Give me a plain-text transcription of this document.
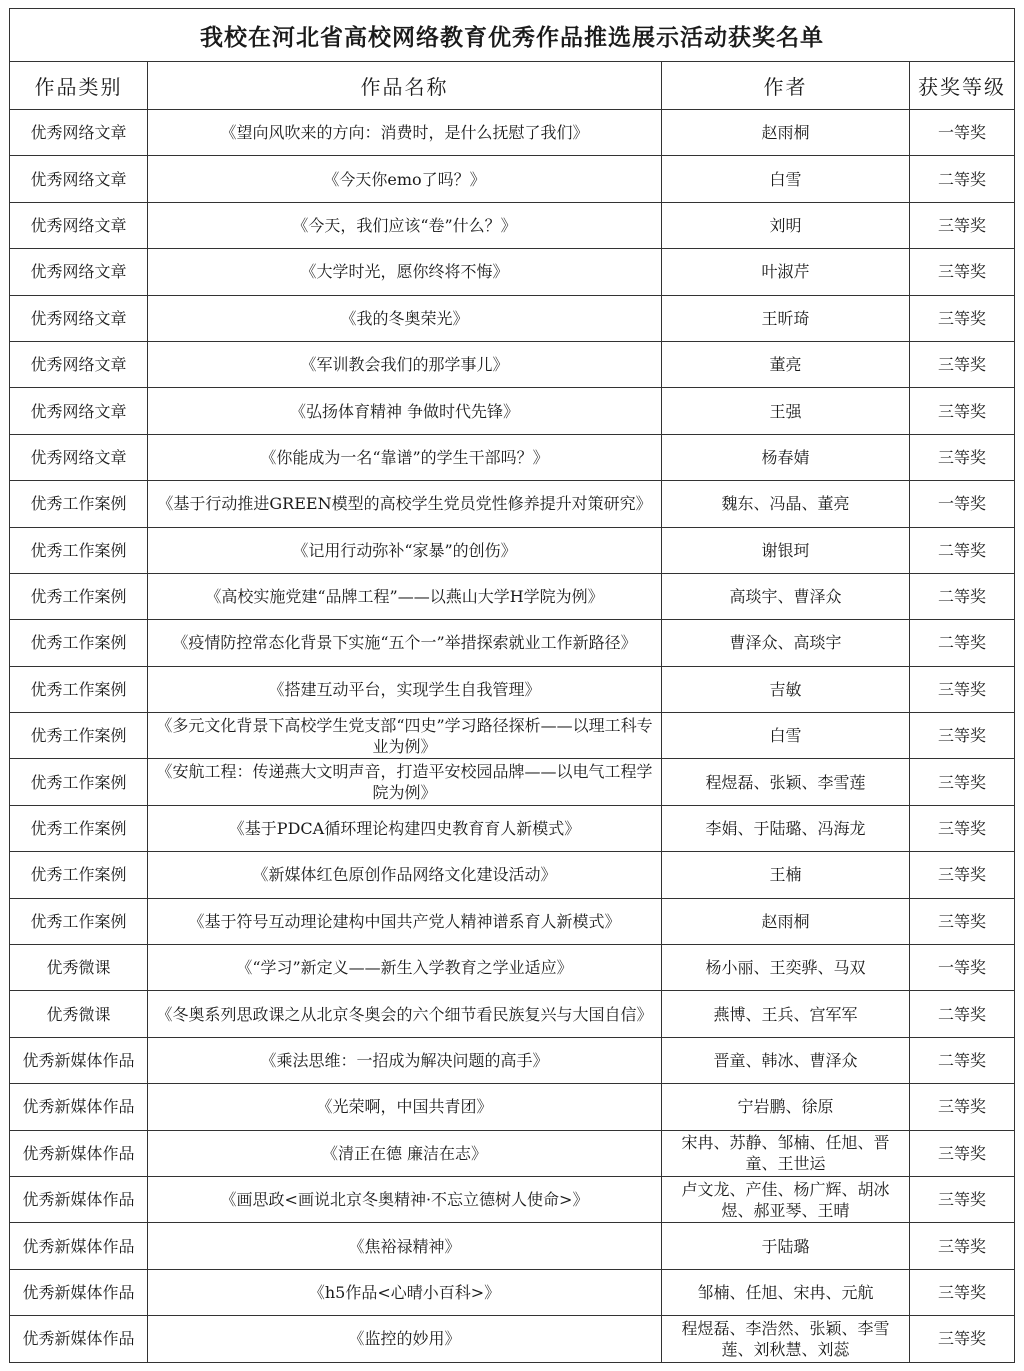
我校在河北省高校网络教育优秀作品推选展示活动获奖名单			
作品类别	作品名称	作者	获奖等级
优秀网络文章	《望向风吹来的方向：消费时，是什么抚慰了我们》	赵雨桐	一等奖
优秀网络文章	《今天你emo了吗？》	白雪	二等奖
优秀网络文章	《今天，我们应该“卷”什么？》	刘明	三等奖
优秀网络文章	《大学时光，愿你终将不悔》	叶淑芹	三等奖
优秀网络文章	《我的冬奥荣光》	王昕琦	三等奖
优秀网络文章	《军训教会我们的那学事儿》	董亮	三等奖
优秀网络文章	《弘扬体育精神 争做时代先锋》	王强	三等奖
优秀网络文章	《你能成为一名“靠谱”的学生干部吗？》	杨春婧	三等奖
优秀工作案例	《基于行动推进GREEN模型的高校学生党员党性修养提升对策研究》	魏东、冯晶、董亮	一等奖
优秀工作案例	《记用行动弥补“家暴”的创伤》	谢银珂	二等奖
优秀工作案例	《高校实施党建“品牌工程”——以燕山大学H学院为例》	高琰宇、曹泽众	二等奖
优秀工作案例	《疫情防控常态化背景下实施“五个一”举措探索就业工作新路径》	曹泽众、高琰宇	二等奖
优秀工作案例	《搭建互动平台，实现学生自我管理》	吉敏	三等奖
优秀工作案例	《多元文化背景下高校学生党支部“四史”学习路径探析——以理工科专业为例》	白雪	三等奖
优秀工作案例	《安航工程：传递燕大文明声音，打造平安校园品牌——以电气工程学院为例》	程煜磊、张颖、李雪莲	三等奖
优秀工作案例	《基于PDCA循环理论构建四史教育育人新模式》	李娟、于陆璐、冯海龙	三等奖
优秀工作案例	《新媒体红色原创作品网络文化建设活动》	王楠	三等奖
优秀工作案例	《基于符号互动理论建构中国共产党人精神谱系育人新模式》	赵雨桐	三等奖
优秀微课	《“学习”新定义——新生入学教育之学业适应》	杨小丽、王奕骅、马双	一等奖
优秀微课	《冬奥系列思政课之从北京冬奥会的六个细节看民族复兴与大国自信》	燕博、王兵、宫军军	二等奖
优秀新媒体作品	《乘法思维：一招成为解决问题的高手》	晋童、韩冰、曹泽众	二等奖
优秀新媒体作品	《光荣啊，中国共青团》	宁岩鹏、徐原	三等奖
优秀新媒体作品	《清正在德 廉洁在志》	宋冉、苏静、邹楠、任旭、晋童、王世运	三等奖
优秀新媒体作品	《画思政<画说北京冬奥精神·不忘立德树人使命>》	卢文龙、产佳、杨广辉、胡冰煜、郝亚琴、王晴	三等奖
优秀新媒体作品	《焦裕禄精神》	于陆璐	三等奖
优秀新媒体作品	《h5作品<心晴小百科>》	邹楠、任旭、宋冉、元航	三等奖
优秀新媒体作品	《监控的妙用》	程煜磊、李浩然、张颖、李雪莲、刘秋慧、刘蕊	三等奖
